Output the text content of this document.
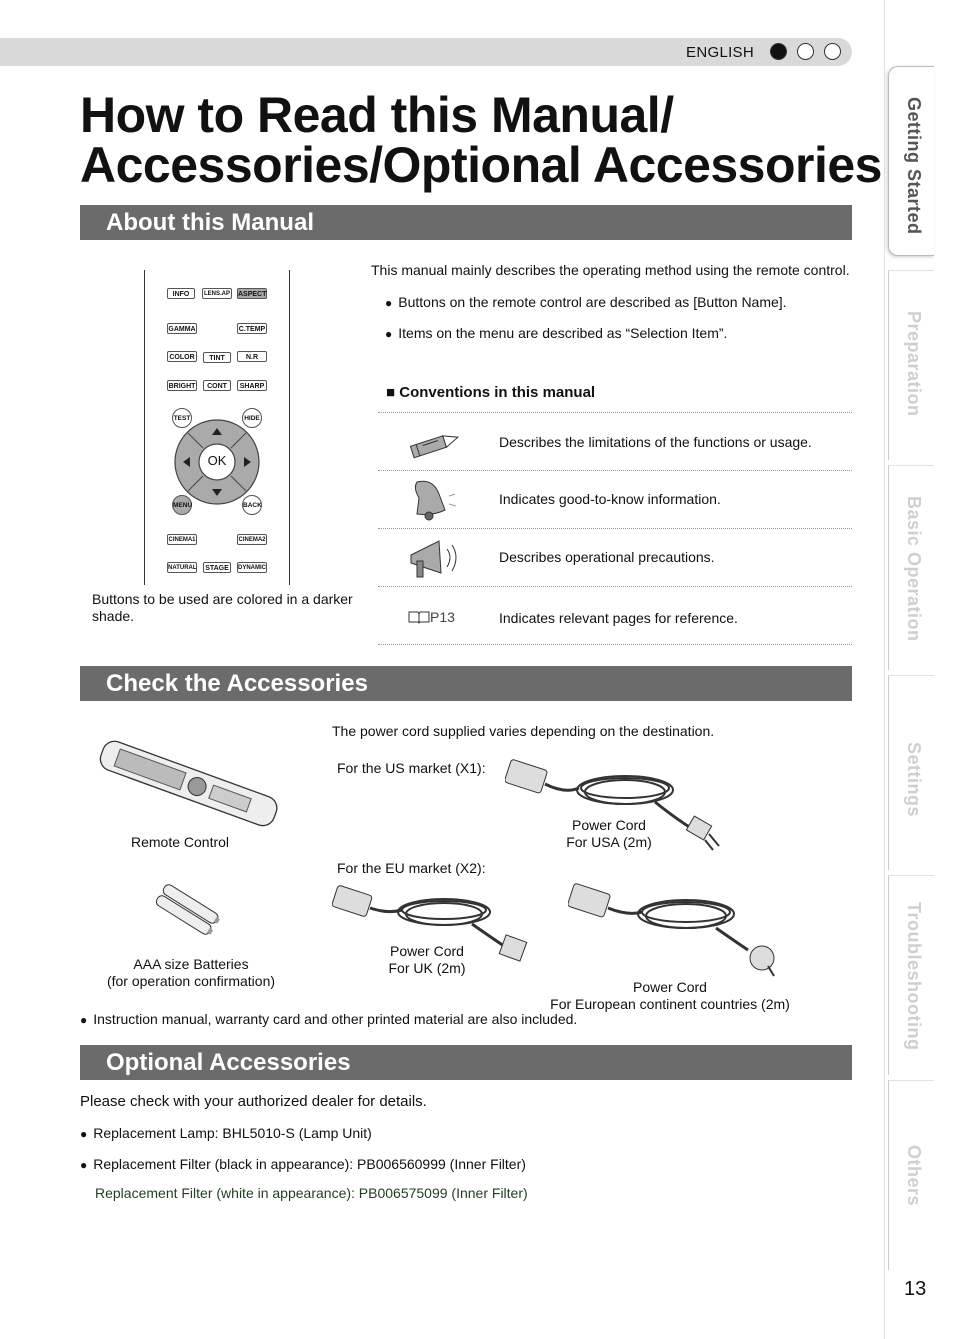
ENGLISH
Getting Started
Preparation
Basic Operation
Settings
Troubleshooting
Others
13
How to Read this Manual/
Accessories/Optional Accessories
About this Manual
INFO	LENS.AP ASPECT
GAMMA	C.TEMP
COLOR	TINT	N.R
BRIGHT	CONT	SHARP
TEST	HIDE
OK
MENU	BACK
CINEMA1	CINEMA2
NATURAL	STAGE	DYNAMIC
Buttons to be used are colored in a darker shade.
This manual mainly describes the operating method using the remote control.
● Buttons on the remote control are described as [Button Name].
● Items on the menu are described as “Selection Item”.
■ Conventions in this manual
Describes the limitations of the functions or usage.
Indicates good-to-know information.
Describes operational precautions.
P13	Indicates relevant pages for reference.
Check the Accessories
Remote Control
AAA size Batteries
(for operation confirmation)
The power cord supplied varies depending on the destination.
For the US market (X1):
For the EU market (X2):
Power Cord
For USA (2m)
Power Cord
For UK (2m)
Power Cord
For European continent countries (2m)
● Instruction manual, warranty card and other printed material are also included.
Optional Accessories
Please check with your authorized dealer for details.
● Replacement Lamp: BHL5010-S (Lamp Unit)
● Replacement Filter (black in appearance): PB006560999 (Inner Filter)
Replacement Filter (white in appearance): PB006575099 (Inner Filter)
